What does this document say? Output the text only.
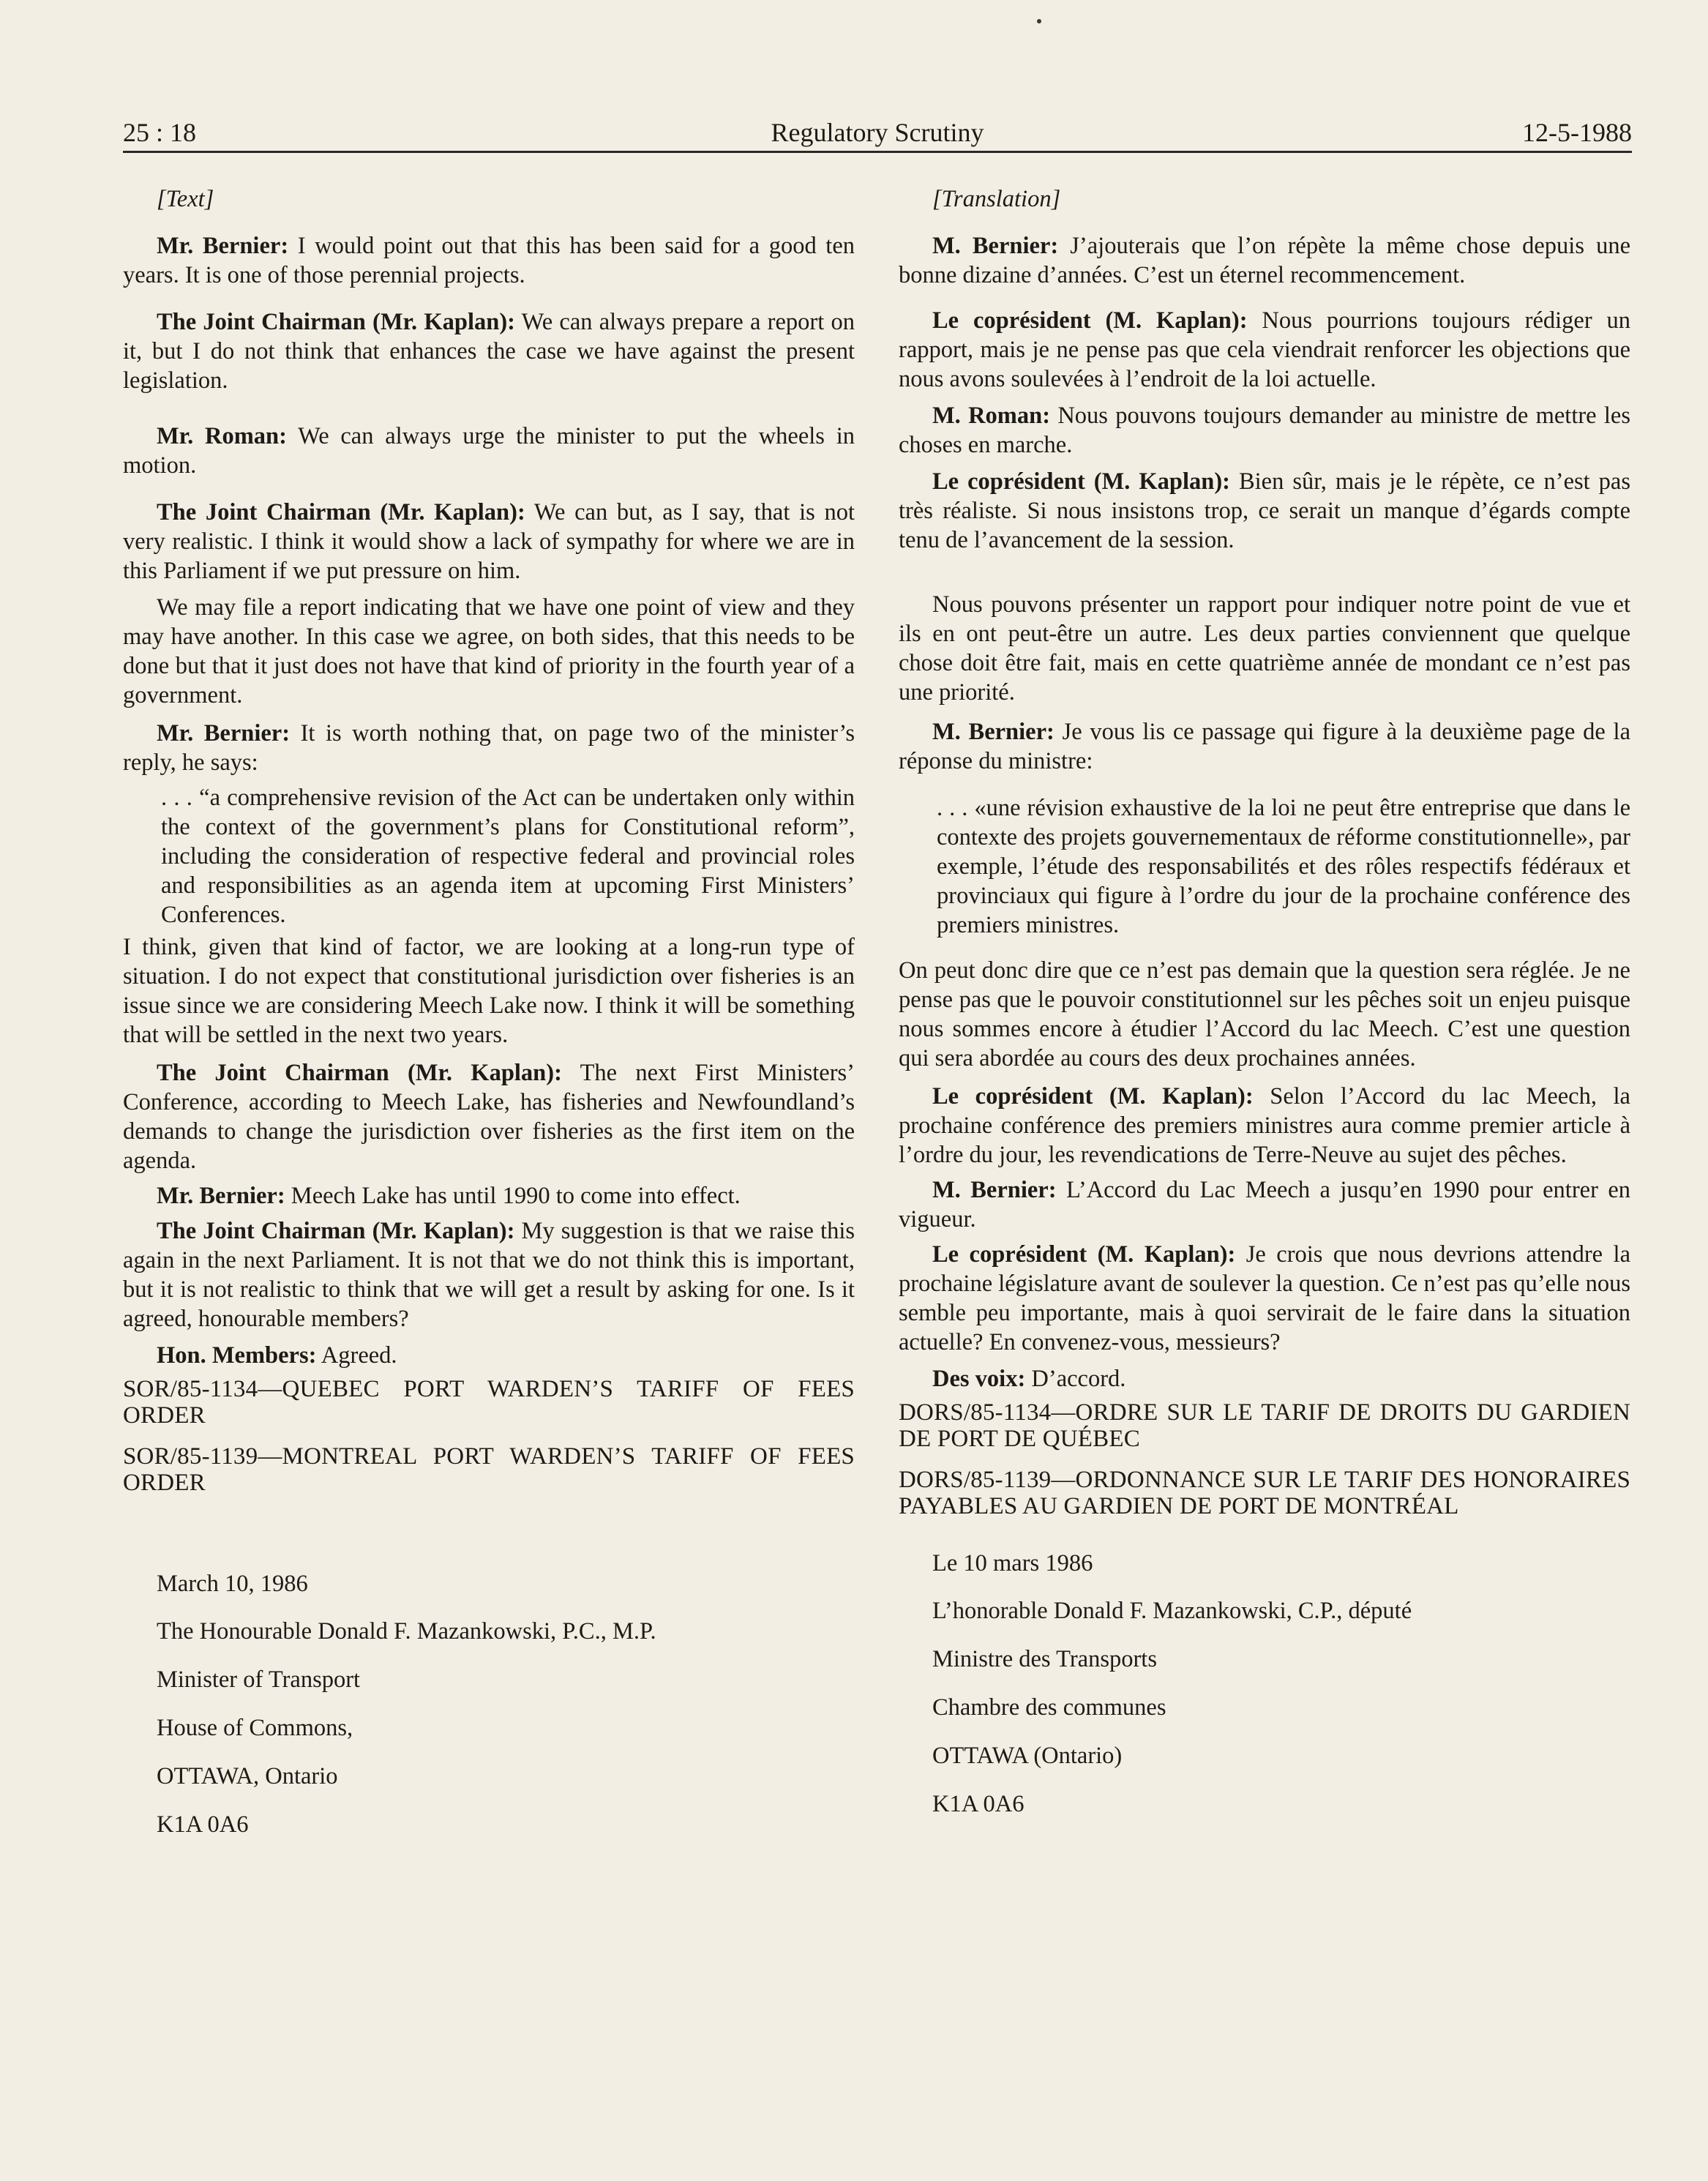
25 : 18	Regulatory Scrutiny	12-5-1988

[Text]

Mr. Bernier: I would point out that this has been said for a good ten years. It is one of those perennial projects.

The Joint Chairman (Mr. Kaplan): We can always prepare a report on it, but I do not think that enhances the case we have against the present legislation.

Mr. Roman: We can always urge the minister to put the wheels in motion.

The Joint Chairman (Mr. Kaplan): We can but, as I say, that is not very realistic. I think it would show a lack of sympathy for where we are in this Parliament if we put pressure on him.

We may file a report indicating that we have one point of view and they may have another. In this case we agree, on both sides, that this needs to be done but that it just does not have that kind of priority in the fourth year of a government.

Mr. Bernier: It is worth nothing that, on page two of the minister’s reply, he says:

. . . “a comprehensive revision of the Act can be undertaken only within the context of the government’s plans for Constitutional reform”, including the consideration of respective federal and provincial roles and responsibilities as an agenda item at upcoming First Ministers’ Conferences.

I think, given that kind of factor, we are looking at a long-run type of situation. I do not expect that constitutional jurisdiction over fisheries is an issue since we are considering Meech Lake now. I think it will be something that will be settled in the next two years.

The Joint Chairman (Mr. Kaplan): The next First Ministers’ Conference, according to Meech Lake, has fisheries and Newfoundland’s demands to change the jurisdiction over fisheries as the first item on the agenda.

Mr. Bernier: Meech Lake has until 1990 to come into effect.

The Joint Chairman (Mr. Kaplan): My suggestion is that we raise this again in the next Parliament. It is not that we do not think this is important, but it is not realistic to think that we will get a result by asking for one. Is it agreed, honourable members?

Hon. Members: Agreed.

SOR/85-1134—QUEBEC PORT WARDEN’S TARIFF OF FEES ORDER

SOR/85-1139—MONTREAL PORT WARDEN’S TARIFF OF FEES ORDER

March 10, 1986

The Honourable Donald F. Mazankowski, P.C., M.P.

Minister of Transport

House of Commons,

OTTAWA, Ontario

K1A 0A6

[Translation]

M. Bernier: J’ajouterais que l’on répète la même chose depuis une bonne dizaine d’années. C’est un éternel recommencement.

Le coprésident (M. Kaplan): Nous pourrions toujours rédiger un rapport, mais je ne pense pas que cela viendrait renforcer les objections que nous avons soulevées à l’endroit de la loi actuelle.

M. Roman: Nous pouvons toujours demander au ministre de mettre les choses en marche.

Le coprésident (M. Kaplan): Bien sûr, mais je le répète, ce n’est pas très réaliste. Si nous insistons trop, ce serait un manque d’égards compte tenu de l’avancement de la session.

Nous pouvons présenter un rapport pour indiquer notre point de vue et ils en ont peut-être un autre. Les deux parties conviennent que quelque chose doit être fait, mais en cette quatrième année de mondant ce n’est pas une priorité.

M. Bernier: Je vous lis ce passage qui figure à la deuxième page de la réponse du ministre:

. . . «une révision exhaustive de la loi ne peut être entreprise que dans le contexte des projets gouvernementaux de réforme constitutionnelle», par exemple, l’étude des responsabilités et des rôles respectifs fédéraux et provinciaux qui figure à l’ordre du jour de la prochaine conférence des premiers ministres.

On peut donc dire que ce n’est pas demain que la question sera réglée. Je ne pense pas que le pouvoir constitutionnel sur les pêches soit un enjeu puisque nous sommes encore à étudier l’Accord du lac Meech. C’est une question qui sera abordée au cours des deux prochaines années.

Le coprésident (M. Kaplan): Selon l’Accord du lac Meech, la prochaine conférence des premiers ministres aura comme premier article à l’ordre du jour, les revendications de Terre-Neuve au sujet des pêches.

M. Bernier: L’Accord du Lac Meech a jusqu’en 1990 pour entrer en vigueur.

Le coprésident (M. Kaplan): Je crois que nous devrions attendre la prochaine législature avant de soulever la question. Ce n’est pas qu’elle nous semble peu importante, mais à quoi servirait de le faire dans la situation actuelle? En convenez-vous, messieurs?

Des voix: D’accord.

DORS/85-1134—ORDRE SUR LE TARIF DE DROITS DU GARDIEN DE PORT DE QUÉBEC

DORS/85-1139—ORDONNANCE SUR LE TARIF DES HONORAIRES PAYABLES AU GARDIEN DE PORT DE MONTRÉAL

Le 10 mars 1986

L’honorable Donald F. Mazankowski, C.P., député

Ministre des Transports

Chambre des communes

OTTAWA (Ontario)

K1A 0A6
